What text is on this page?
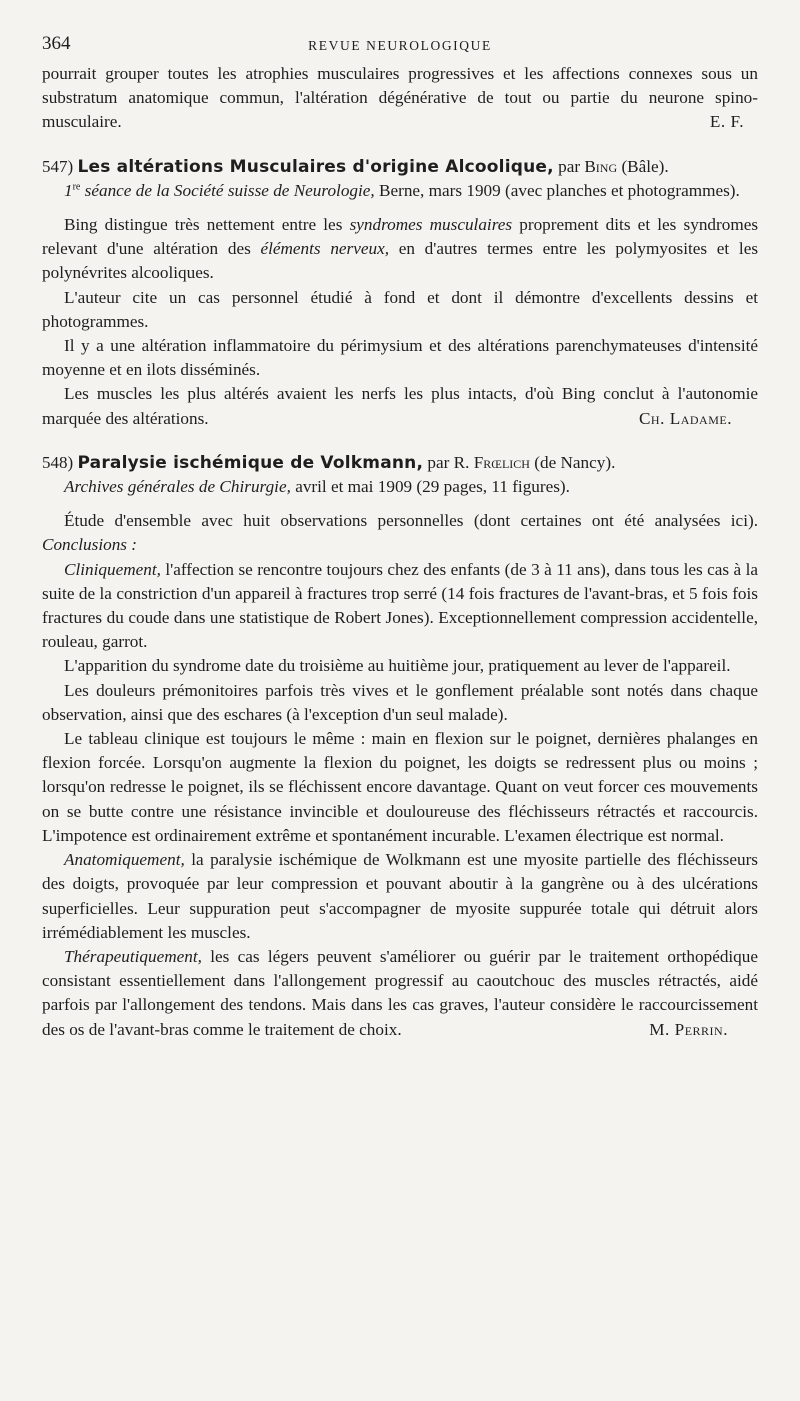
364	REVUE NEUROLOGIQUE

pourrait grouper toutes les atrophies musculaires progressives et les affections connexes sous un substratum anatomique commun, l'altération dégénérative de tout ou partie du neurone spino-musculaire.	E. F.

547) Les altérations Musculaires d'origine Alcoolique, par Bing (Bâle).

1re séance de la Société suisse de Neurologie, Berne, mars 1909 (avec planches et photogrammes).

Bing distingue très nettement entre les syndromes musculaires proprement dits et les syndromes relevant d'une altération des éléments nerveux, en d'autres termes entre les polymyosites et les polynévrites alcooliques.

L'auteur cite un cas personnel étudié à fond et dont il démontre d'excellents dessins et photogrammes.

Il y a une altération inflammatoire du périmysium et des altérations parenchymateuses d'intensité moyenne et en ilots disséminés.

Les muscles les plus altérés avaient les nerfs les plus intacts, d'où Bing conclut à l'autonomie marquée des altérations.	Ch. Ladame.

548) Paralysie ischémique de Volkmann, par R. Frœlich (de Nancy).

Archives générales de Chirurgie, avril et mai 1909 (29 pages, 11 figures).

Étude d'ensemble avec huit observations personnelles (dont certaines ont été analysées ici). Conclusions :

Cliniquement, l'affection se rencontre toujours chez des enfants (de 3 à 11 ans), dans tous les cas à la suite de la constriction d'un appareil à fractures trop serré (14 fois fractures de l'avant-bras, et 5 fois fois fractures du coude dans une statistique de Robert Jones). Exceptionnellement compression accidentelle, rouleau, garrot.

L'apparition du syndrome date du troisième au huitième jour, pratiquement au lever de l'appareil.

Les douleurs prémonitoires parfois très vives et le gonflement préalable sont notés dans chaque observation, ainsi que des eschares (à l'exception d'un seul malade).

Le tableau clinique est toujours le même : main en flexion sur le poignet, dernières phalanges en flexion forcée. Lorsqu'on augmente la flexion du poignet, les doigts se redressent plus ou moins ; lorsqu'on redresse le poignet, ils se fléchissent encore davantage. Quant on veut forcer ces mouvements on se butte contre une résistance invincible et douloureuse des fléchisseurs rétractés et raccourcis. L'impotence est ordinairement extrême et spontanément incurable. L'examen électrique est normal.

Anatomiquement, la paralysie ischémique de Wolkmann est une myosite partielle des fléchisseurs des doigts, provoquée par leur compression et pouvant aboutir à la gangrène ou à des ulcérations superficielles. Leur suppuration peut s'accompagner de myosite suppurée totale qui détruit alors irrémédiablement les muscles.

Thérapeutiquement, les cas légers peuvent s'améliorer ou guérir par le traitement orthopédique consistant essentiellement dans l'allongement progressif au caoutchouc des muscles rétractés, aidé parfois par l'allongement des tendons. Mais dans les cas graves, l'auteur considère le raccourcissement des os de l'avant-bras comme le traitement de choix.	M. Perrin.
